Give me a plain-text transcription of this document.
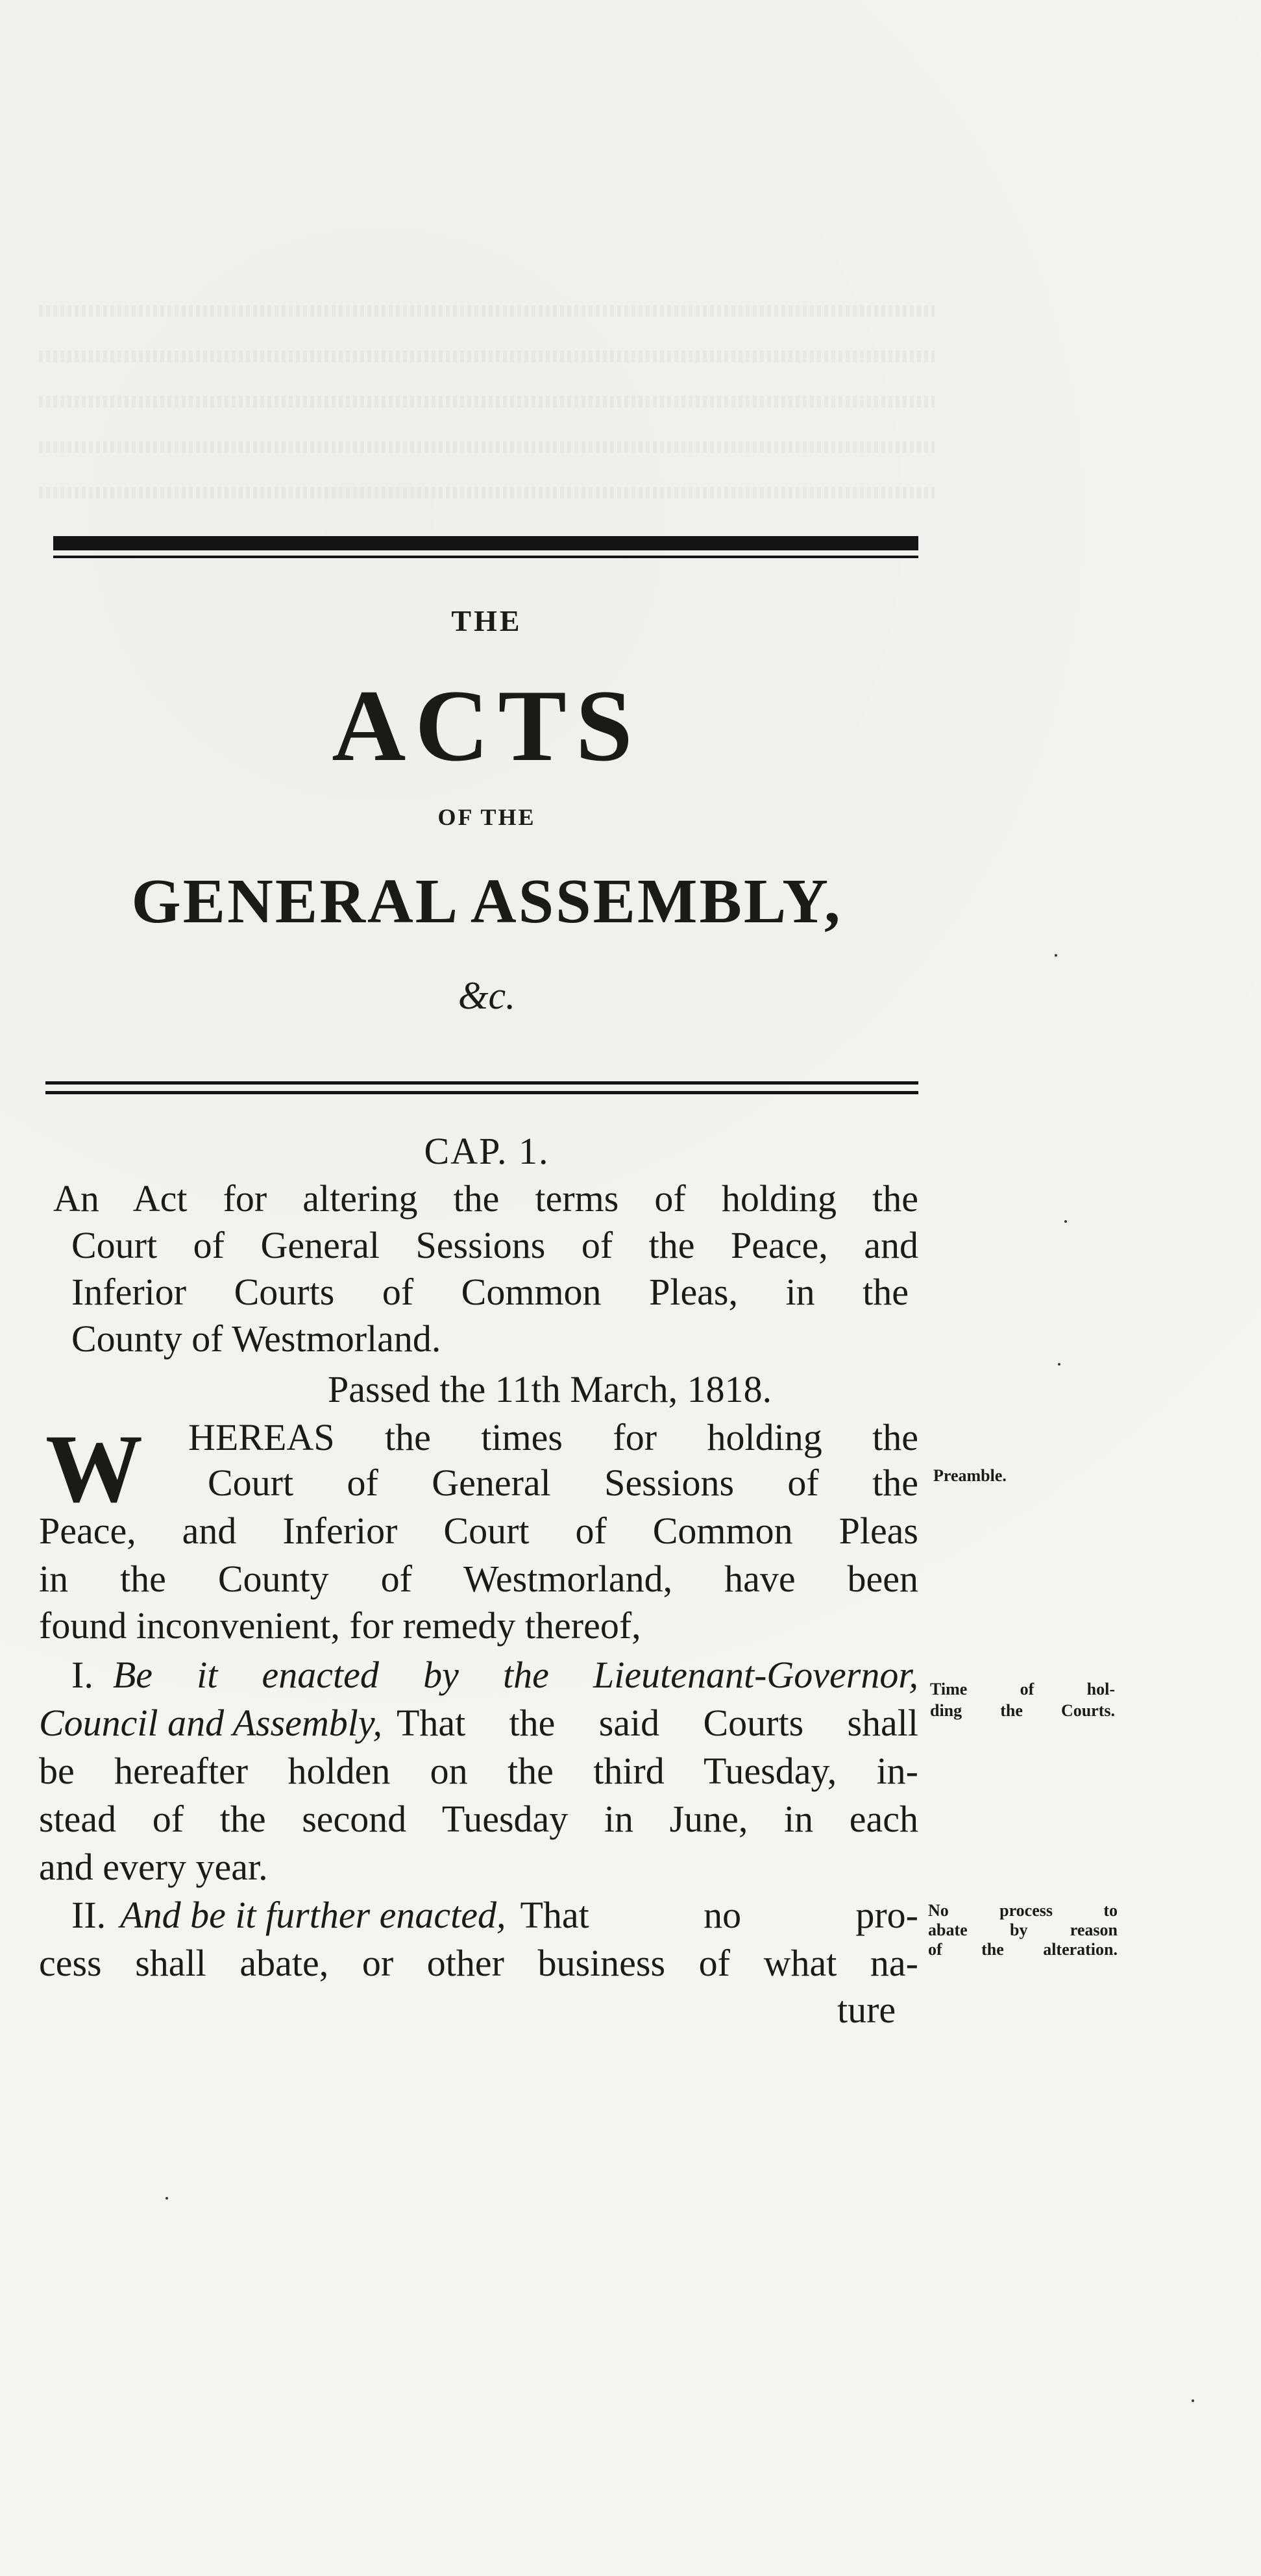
THE
ACTS
OF THE
GENERAL ASSEMBLY,
&c.
CAP. 1.
An Act for altering the terms of holding the
Court of General Sessions of the Peace, and
Inferior Courts of Common Pleas, in the
County of Westmorland.
Passed the 11th March, 1818.
W HEREAS the times for holding the
Court of General Sessions of the
Peace, and Inferior Court of Common Pleas
in the County of Westmorland, have been
found inconvenient, for remedy thereof,
I. Be it enacted by the Lieutenant-Governor,
Council and Assembly, That the said Courts shall
be hereafter holden on the third Tuesday, in-
stead of the second Tuesday in June, in each
and every year.
II. And be it further enacted, That no pro-
cess shall abate, or other business of what na-
ture
Preamble.
Time of hol-
ding the Courts.
No process to
abate by reason
of the alteration.
